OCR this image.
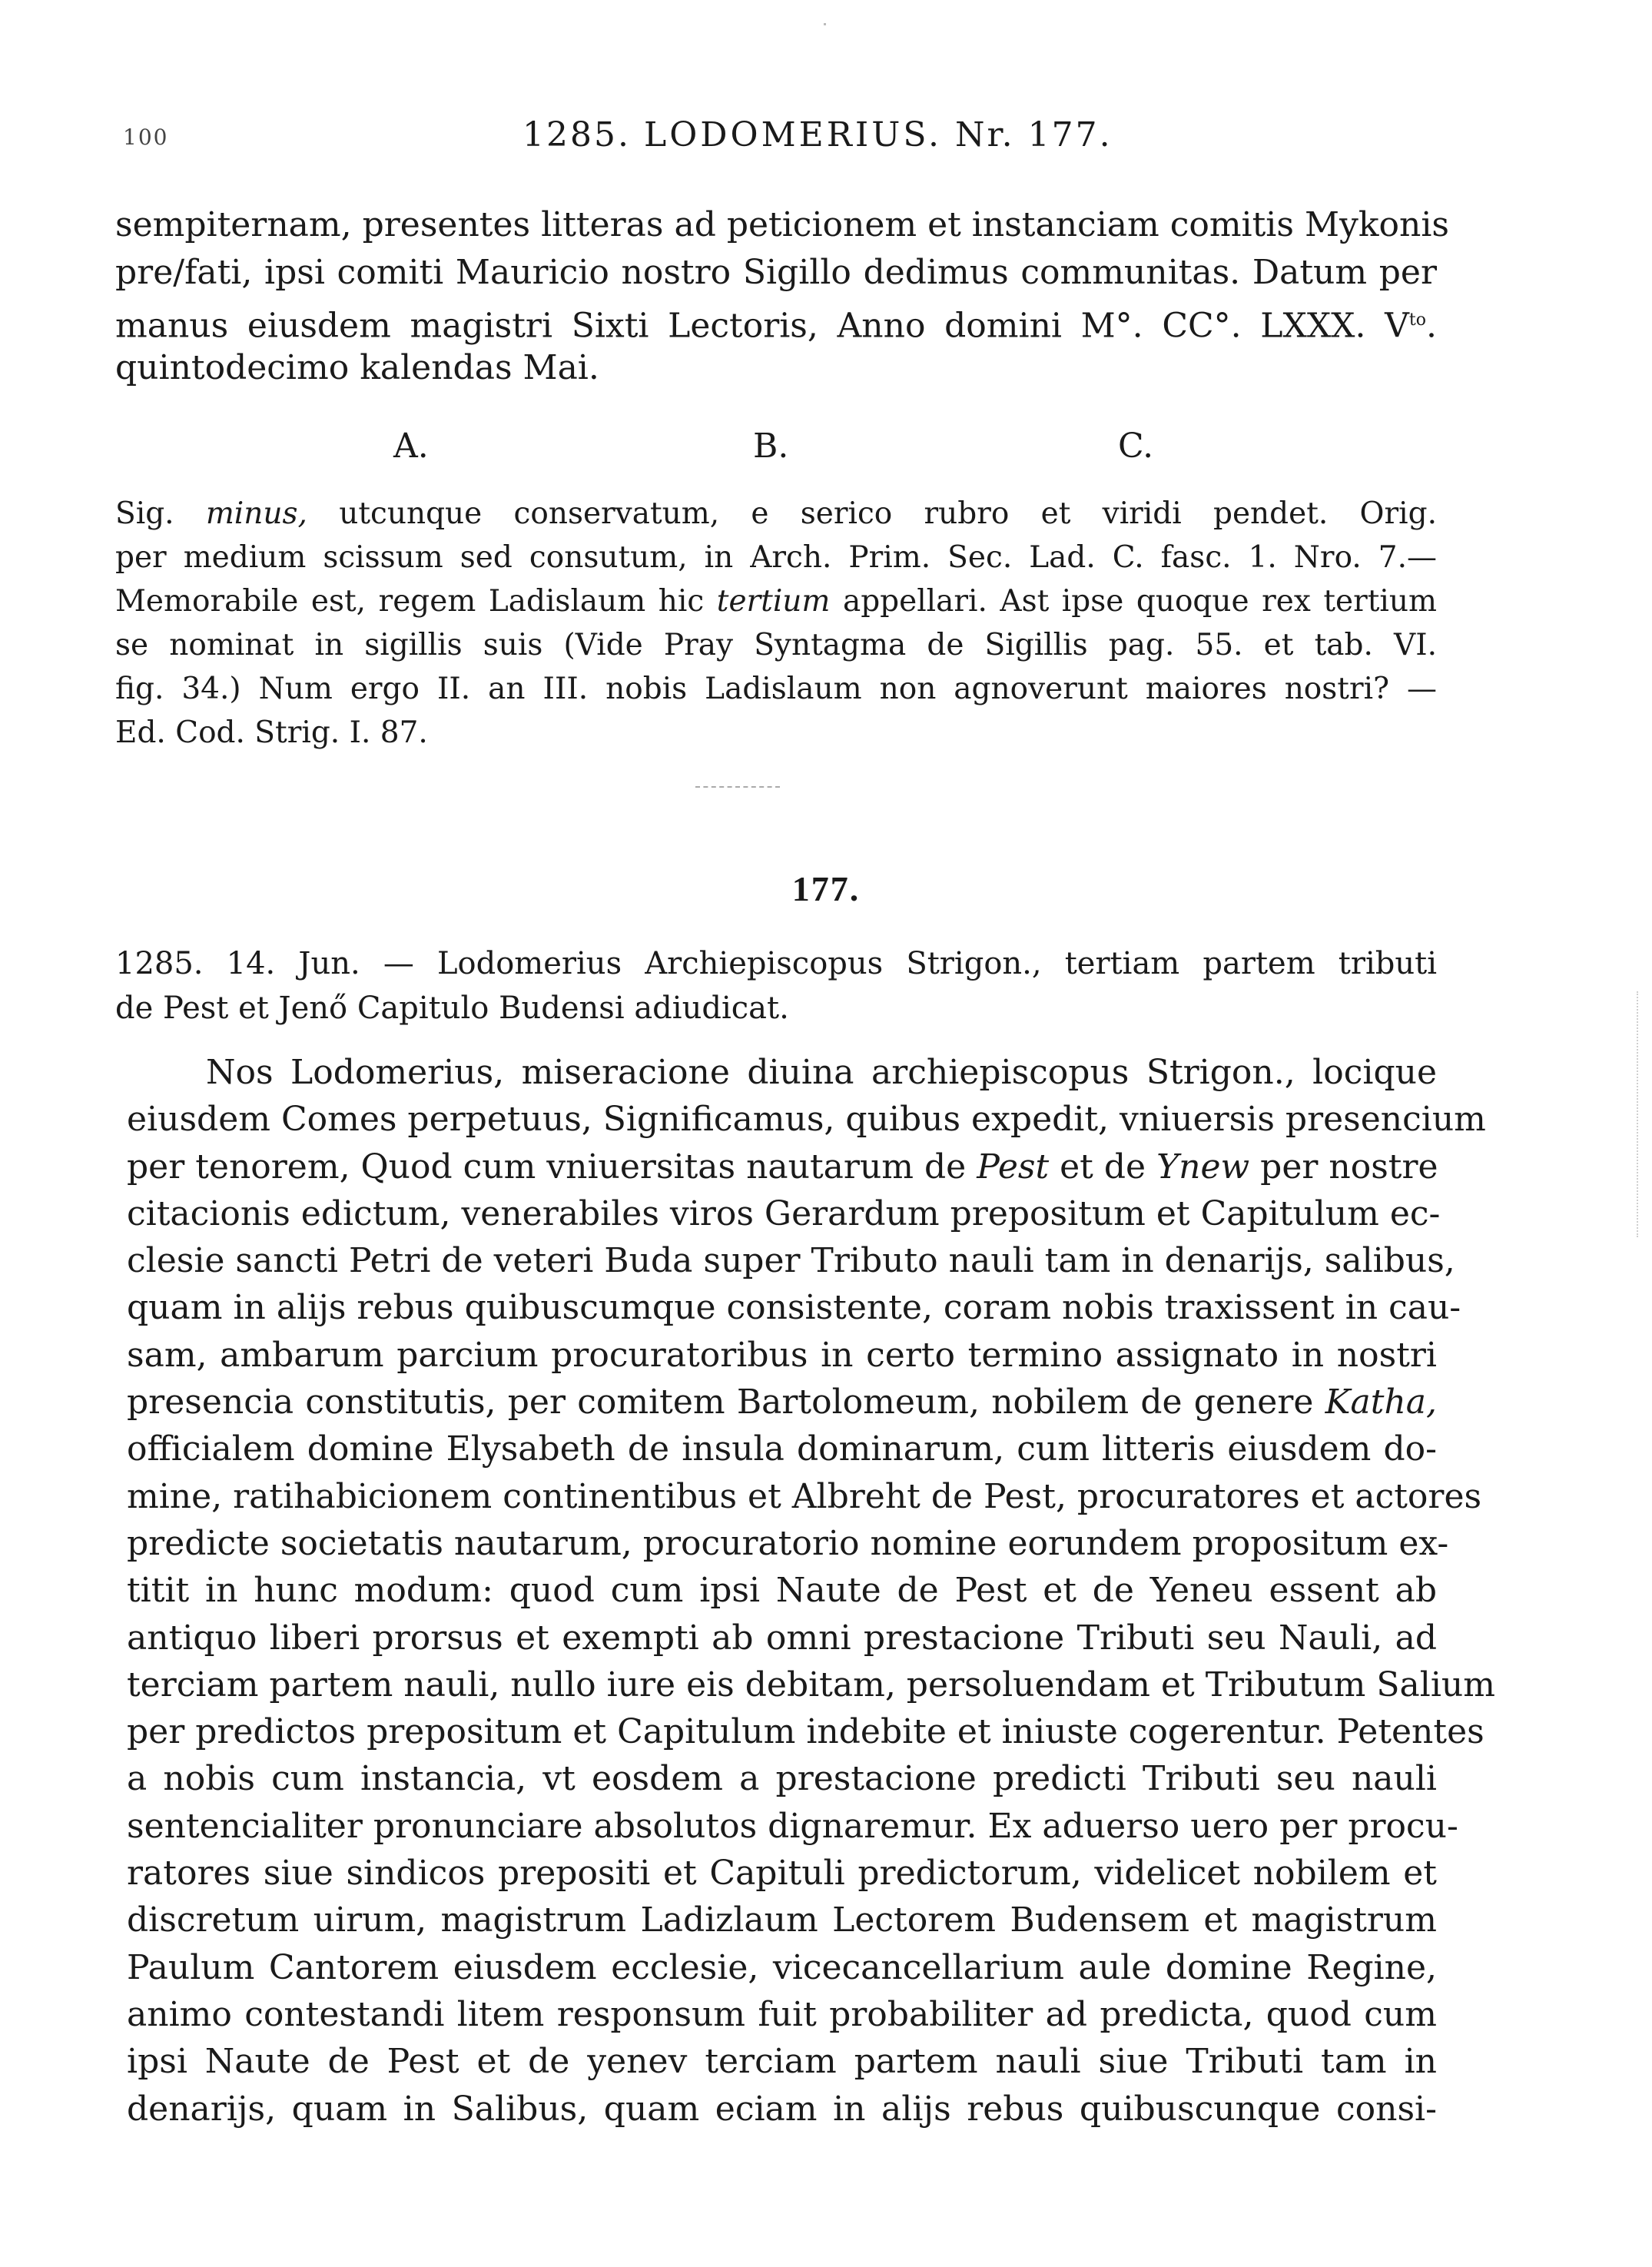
100	1285. LODOMERIUS. Nr. 177.
sempiternam, presentes litteras ad peticionem et instanciam comitis Mykonis
pre/fati, ipsi comiti Mauricio nostro Sigillo dedimus communitas. Datum per
manus eiusdem magistri Sixti Lectoris, Anno domini M°. CC°. LXXX. $V^{to}$.
quintodecimo kalendas Mai.
A.	B.	C.
Sig. minus, utcunque conservatum, e serico rubro et viridi pendet. Orig.
per medium scissum sed consutum, in Arch. Prim. Sec. Lad. C. fasc. 1. Nro. 7.—
Memorabile est, regem Ladislaum hic tertium appellari. Ast ipse quoque rex tertium
se nominat in sigillis suis (Vide Pray Syntagma de Sigillis pag. 55. et tab. VI.
fig. 34.) Num ergo II. an III. nobis Ladislaum non agnoverunt maiores nostri? —
Ed. Cod. Strig. I. 87.
177.
1285. 14. Jun. — Lodomerius Archiepiscopus Strigon., tertiam partem tributi
de Pest et Jenő Capitulo Budensi adiudicat.
Nos Lodomerius, miseracione diuina archiepiscopus Strigon., locique
eiusdem Comes perpetuus, Significamus, quibus expedit, vniuersis presencium
per tenorem, Quod cum vniuersitas nautarum de Pest et de Ynew per nostre
citacionis edictum, venerabiles viros Gerardum prepositum et Capitulum ec-
clesie sancti Petri de veteri Buda super Tributo nauli tam in denarijs, salibus,
quam in alijs rebus quibuscumque consistente, coram nobis traxissent in cau-
sam, ambarum parcium procuratoribus in certo termino assignato in nostri
presencia constitutis, per comitem Bartolomeum, nobilem de genere Katha,
officialem domine Elysabeth de insula dominarum, cum litteris eiusdem do-
mine, ratihabicionem continentibus et Albreht de Pest, procuratores et actores
predicte societatis nautarum, procuratorio nomine eorundem propositum ex-
titit in hunc modum: quod cum ipsi Naute de Pest et de Yeneu essent ab
antiquo liberi prorsus et exempti ab omni prestacione Tributi seu Nauli, ad
terciam partem nauli, nullo iure eis debitam, persoluendam et Tributum Salium
per predictos prepositum et Capitulum indebite et iniuste cogerentur. Petentes
a nobis cum instancia, vt eosdem a prestacione predicti Tributi seu nauli
sentencialiter pronunciare absolutos dignaremur. Ex aduerso uero per procu-
ratores siue sindicos prepositi et Capituli predictorum, videlicet nobilem et
discretum uirum, magistrum Ladizlaum Lectorem Budensem et magistrum
Paulum Cantorem eiusdem ecclesie, vicecancellarium aule domine Regine,
animo contestandi litem responsum fuit probabiliter ad predicta, quod cum
ipsi Naute de Pest et de yenev terciam partem nauli siue Tributi tam in
denarijs, quam in Salibus, quam eciam in alijs rebus quibuscunque consi-
